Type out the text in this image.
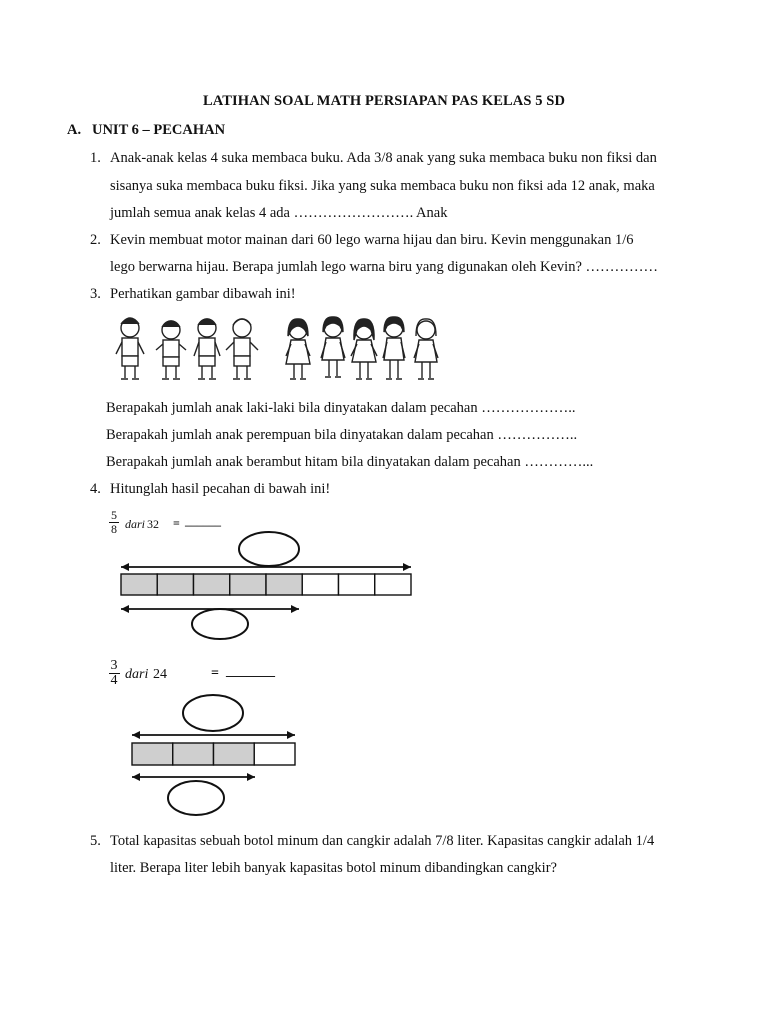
LATIHAN SOAL MATH PERSIAPAN PAS KELAS 5 SD
A. UNIT 6 – PECAHAN
1. Anak-anak kelas 4 suka membaca buku. Ada 3/8 anak yang suka membaca buku non fiksi dan
sisanya suka membaca buku fiksi. Jika yang suka membaca buku non fiksi ada 12 anak, maka
jumlah semua anak kelas 4 ada ……………………. Anak
2. Kevin membuat motor mainan dari 60 lego warna hijau dan biru. Kevin menggunakan 1/6
lego berwarna hijau. Berapa jumlah lego warna biru yang digunakan oleh Kevin? ……………
3. Perhatikan gambar dibawah ini!
Berapakah jumlah anak laki-laki bila dinyatakan dalam pecahan ………………..
Berapakah jumlah anak perempuan bila dinyatakan dalam pecahan ……………..
Berapakah jumlah anak berambut hitam bila dinyatakan dalam pecahan …………...
4. Hitunglah hasil pecahan di bawah ini!
5
8 dari 32 = ______
3
4 dari 24	= _______
5. Total kapasitas sebuah botol minum dan cangkir adalah 7/8 liter. Kapasitas cangkir adalah 1/4
liter. Berapa liter lebih banyak kapasitas botol minum dibandingkan cangkir?
